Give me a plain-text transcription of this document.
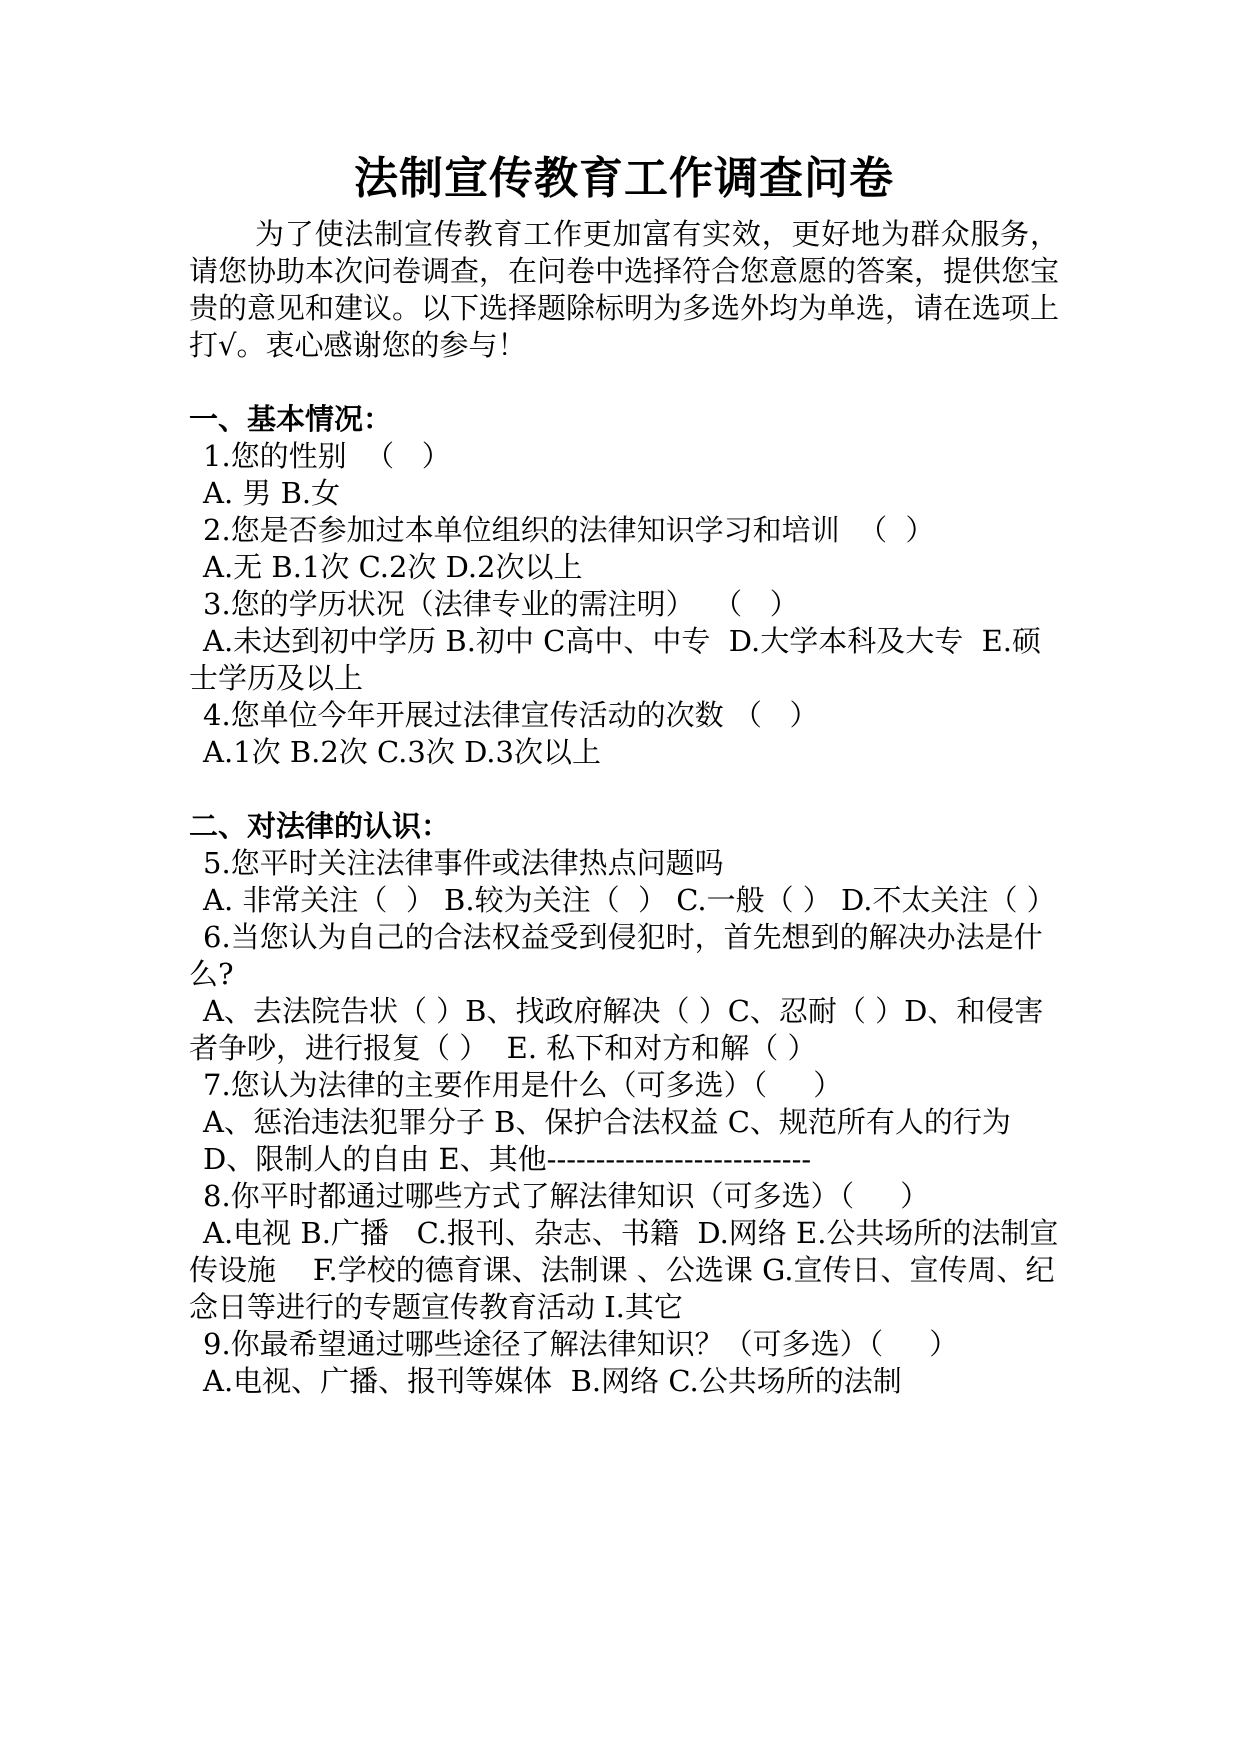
法制宣传教育工作调查问卷

为了使法制宣传教育工作更加富有实效，更好地为群众服务，请您协助本次问卷调查，在问卷中选择符合您意愿的答案，提供您宝贵的意见和建议。以下选择题除标明为多选外均为单选，请在选项上打√。衷心感谢您的参与！

一、基本情况：

1.您的性别  （   ）

A. 男 B.女

2.您是否参加过本单位组织的法律知识学习和培训  （  ）

A.无 B.1次 C.2次 D.2次以上

3.您的学历状况（法律专业的需注明）  （   ）

A.未达到初中学历 B.初中 C高中、中专  D.大学本科及大专  E.硕士学历及以上

4.您单位今年开展过法律宣传活动的次数 （   ）

A.1次 B.2次 C.3次 D.3次以上

二、对法律的认识：

5.您平时关注法律事件或法律热点问题吗

A. 非常关注（  ） B.较为关注（  ） C.一般（ ） D.不太关注（ ）

6.当您认为自己的合法权益受到侵犯时，首先想到的解决办法是什么?

A、去法院告状（ ）B、找政府解决（ ）C、忍耐（ ）D、和侵害者争吵，进行报复（ ）  E. 私下和对方和解（ ）

7.您认为法律的主要作用是什么（可多选）（     ）

A、惩治违法犯罪分子 B、保护合法权益 C、规范所有人的行为 D、限制人的自由 E、其他---------------------------

8.你平时都通过哪些方式了解法律知识（可多选）（     ）

A.电视 B.广播   C.报刊、杂志、书籍  D.网络 E.公共场所的法制宣传设施    F.学校的德育课、法制课 、公选课 G.宣传日、宣传周、纪念日等进行的专题宣传教育活动 I.其它

9.你最希望通过哪些途径了解法律知识？（可多选）（     ）

A.电视、广播、报刊等媒体  B.网络 C.公共场所的法制
